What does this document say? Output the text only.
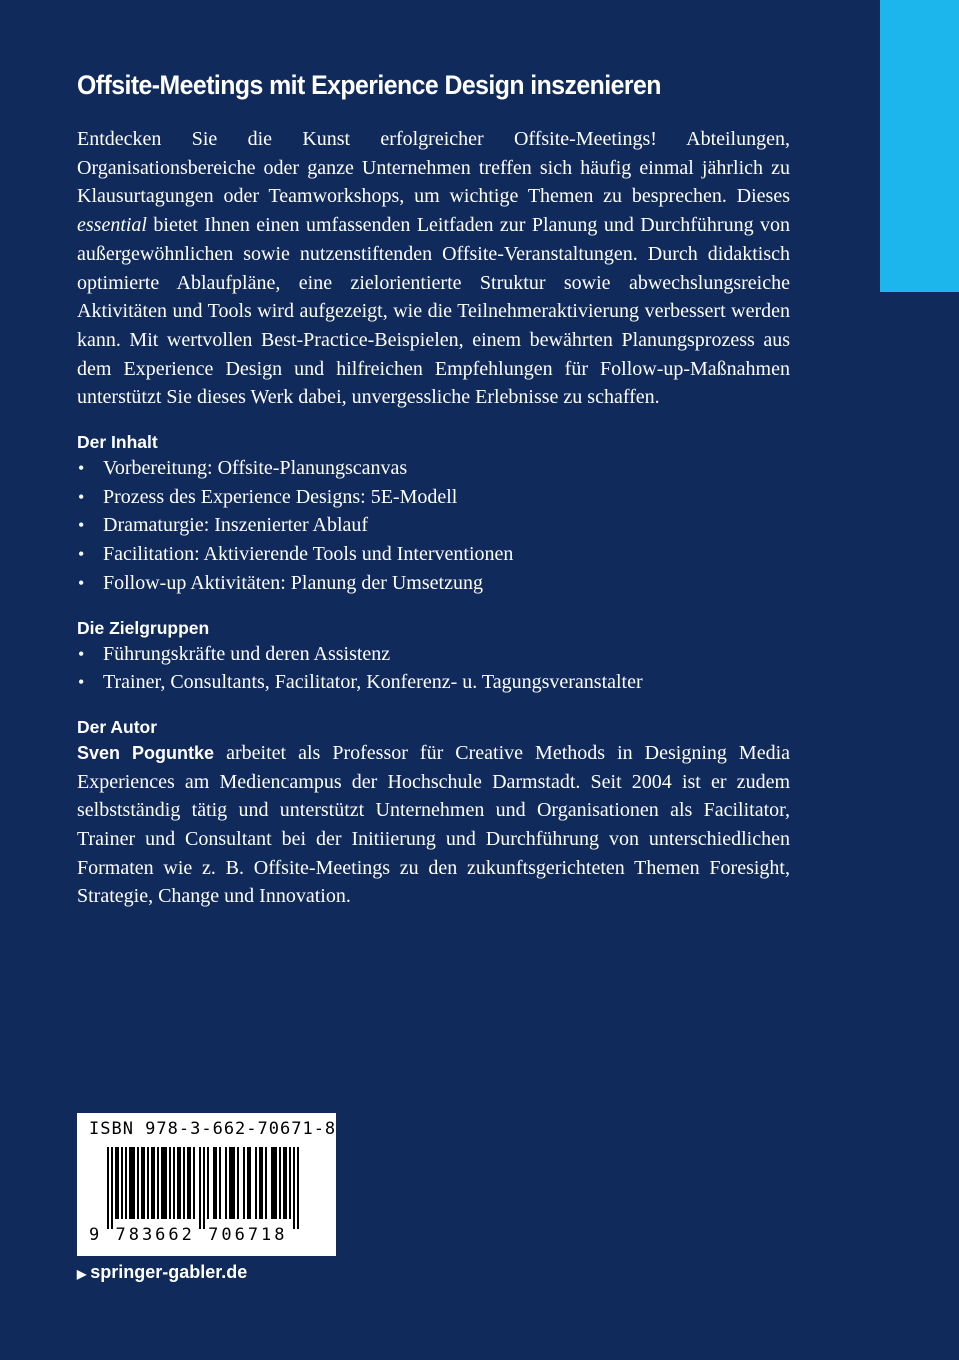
Offsite-Meetings mit Experience Design inszenieren

Entdecken Sie die Kunst erfolgreicher Offsite-Meetings! Abteilungen, Organisationsbereiche oder ganze Unternehmen treffen sich häufig einmal jährlich zu Klausurtagungen oder Teamworkshops, um wichtige Themen zu besprechen. Dieses essential bietet Ihnen einen umfassenden Leitfaden zur Planung und Durchführung von außergewöhnlichen sowie nutzenstiftenden Offsite-Veranstaltungen. Durch didaktisch optimierte Ablaufpläne, eine zielorientierte Struktur sowie abwechslungsreiche Aktivitäten und Tools wird aufgezeigt, wie die Teilnehmeraktivierung verbessert werden kann. Mit wertvollen Best-Practice-Beispielen, einem bewährten Planungsprozess aus dem Experience Design und hilfreichen Empfehlungen für Follow-up-Maßnahmen unterstützt Sie dieses Werk dabei, unvergessliche Erlebnisse zu schaffen.

Der Inhalt
• Vorbereitung: Offsite-Planungscanvas
• Prozess des Experience Designs: 5E-Modell
• Dramaturgie: Inszenierter Ablauf
• Facilitation: Aktivierende Tools und Interventionen
• Follow-up Aktivitäten: Planung der Umsetzung
Die Zielgruppen
• Führungskräfte und deren Assistenz
• Trainer, Consultants, Facilitator, Konferenz- u. Tagungsveranstalter
Der Autor

Sven Poguntke arbeitet als Professor für Creative Methods in Designing Media Experiences am Mediencampus der Hochschule Darmstadt. Seit 2004 ist er zudem selbstständig tätig und unterstützt Unternehmen und Organisationen als Facilitator, Trainer und Consultant bei der Initiierung und Durchführung von unterschiedlichen Formaten wie z. B. Offsite-Meetings zu den zukunftsgerichteten Themen Foresight, Strategie, Change und Innovation.

ISBN 978-3-662-70671-8
9 783662 706718
▶ springer-gabler.de
